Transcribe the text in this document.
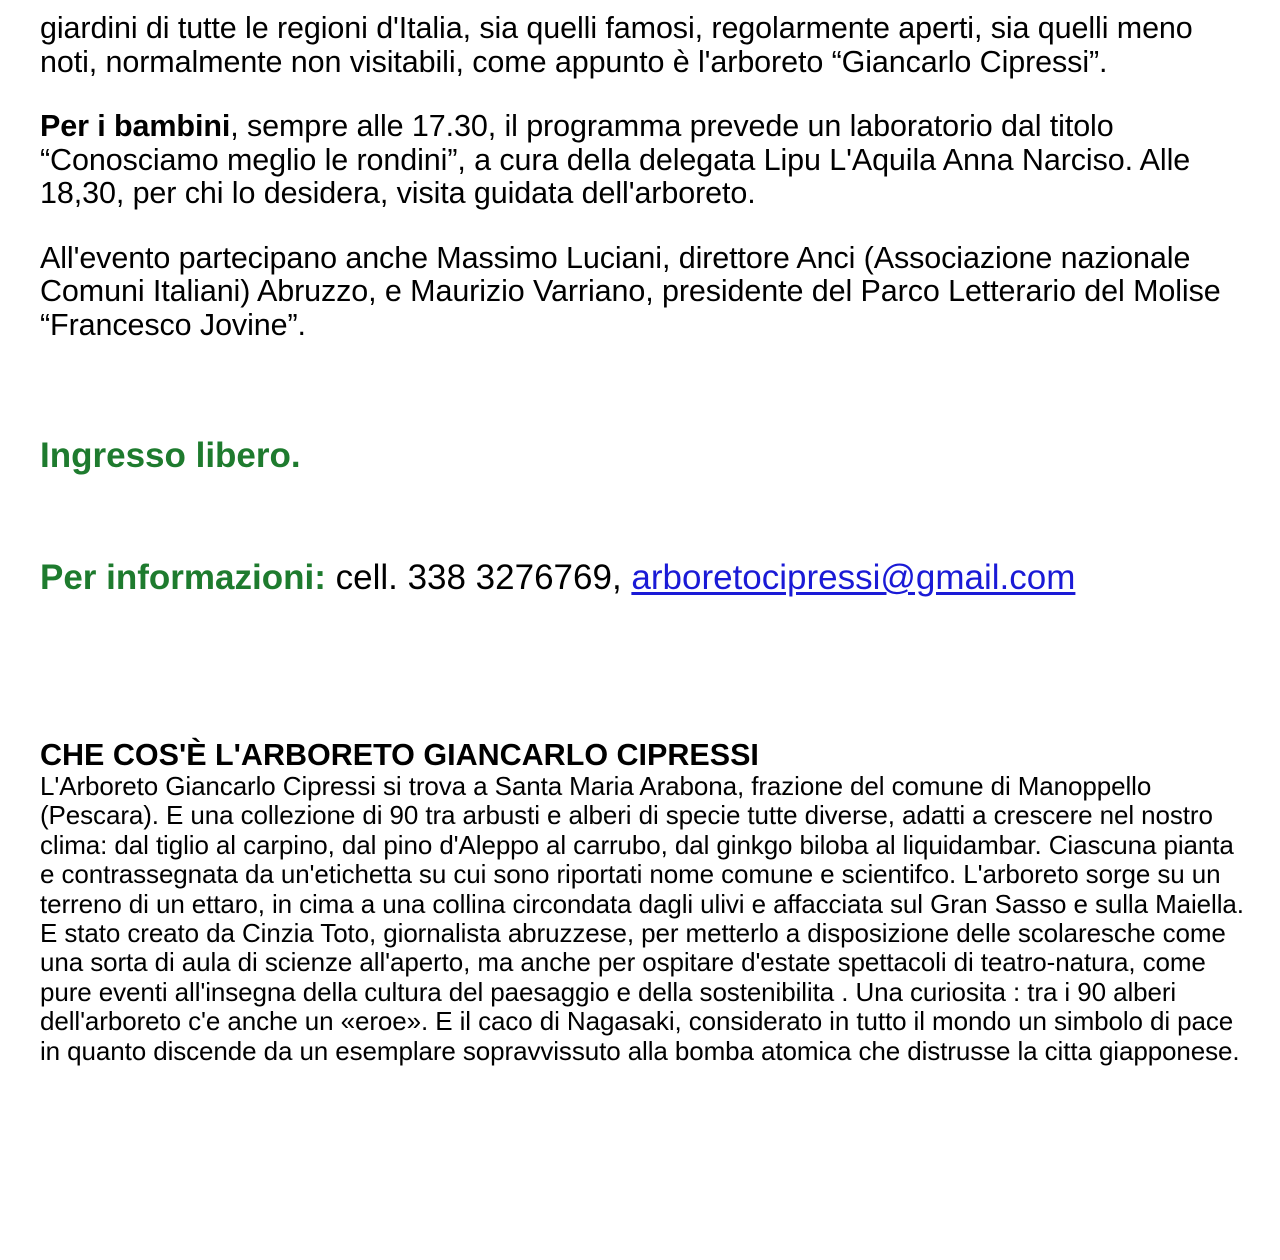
giardini di tutte le regioni d'Italia, sia quelli famosi, regolarmente aperti, sia quelli meno noti, normalmente non visitabili, come appunto è l'arboreto “Giancarlo Cipressi”.

Per i bambini, sempre alle 17.30, il programma prevede un laboratorio dal titolo “Conosciamo meglio le rondini”, a cura della delegata Lipu L'Aquila Anna Narciso. Alle 18,30, per chi lo desidera, visita guidata dell'arboreto.

All'evento partecipano anche Massimo Luciani, direttore Anci (Associazione nazionale Comuni Italiani) Abruzzo, e Maurizio Varriano, presidente del Parco Letterario del Molise “Francesco Jovine”.

Ingresso libero.

Per informazioni: cell. 338 3276769, arboretocipressi@gmail.com

CHE COS'È L'ARBORETO GIANCARLO CIPRESSI

L'Arboreto Giancarlo Cipressi si trova a Santa Maria Arabona, frazione del comune di Manoppello (Pescara). E una collezione di 90 tra arbusti e alberi di specie tutte diverse, adatti a crescere nel nostro clima: dal tiglio al carpino, dal pino d'Aleppo al carrubo, dal ginkgo biloba al liquidambar. Ciascuna pianta e contrassegnata da un'etichetta su cui sono riportati nome comune e scientifco. L'arboreto sorge su un terreno di un ettaro, in cima a una collina circondata dagli ulivi e affacciata sul Gran Sasso e sulla Maiella. E stato creato da Cinzia Toto, giornalista abruzzese, per metterlo a disposizione delle scolaresche come una sorta di aula di scienze all'aperto, ma anche per ospitare d'estate spettacoli di teatro-natura, come pure eventi all'insegna della cultura del paesaggio e della sostenibilita . Una curiosita : tra i 90 alberi dell'arboreto c'e anche un «eroe». E il caco di Nagasaki, considerato in tutto il mondo un simbolo di pace in quanto discende da un esemplare sopravvissuto alla bomba atomica che distrusse la citta giapponese.
